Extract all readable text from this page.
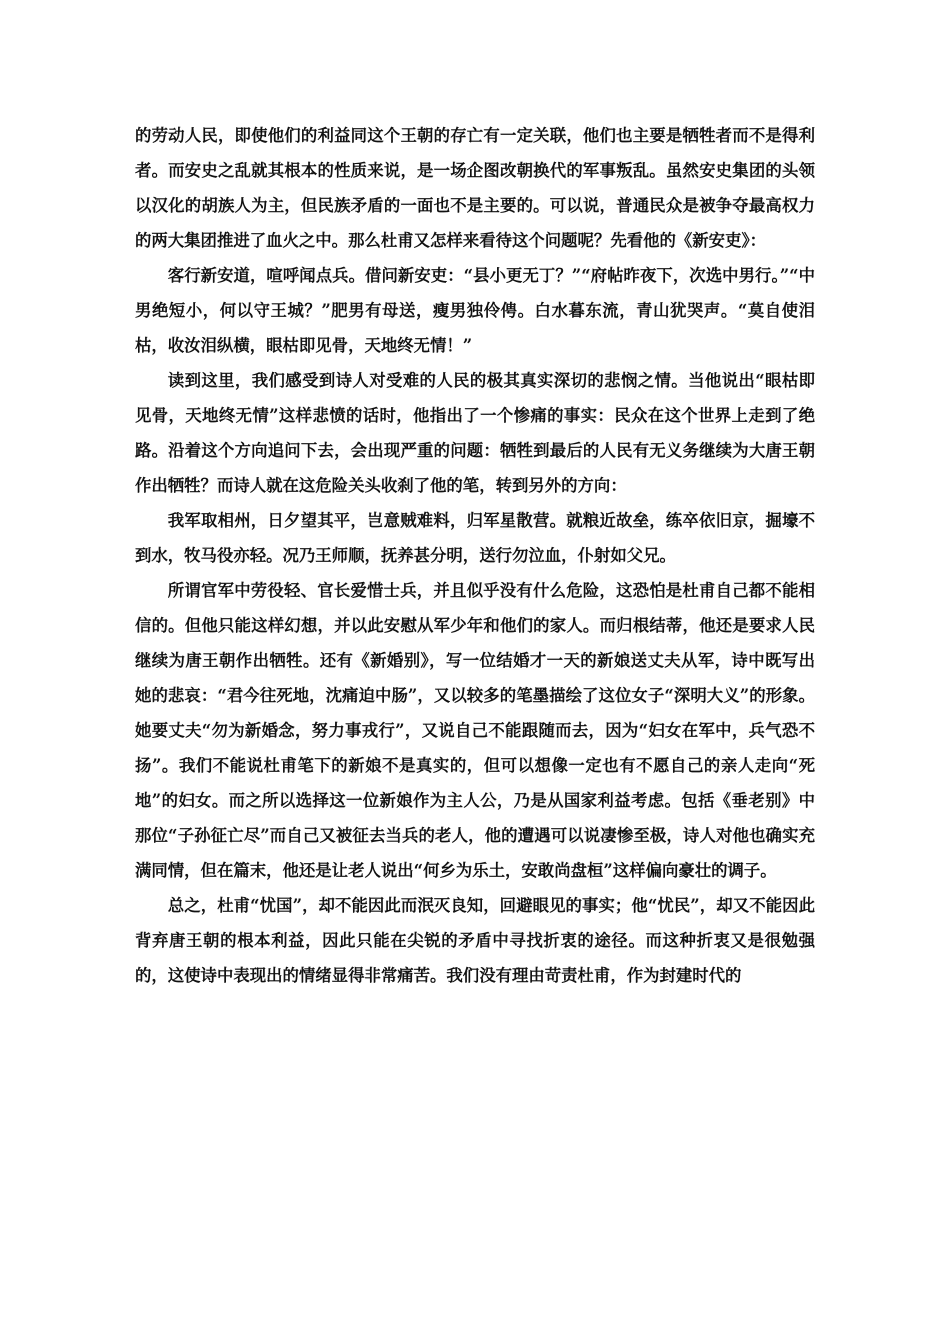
的劳动人民，即使他们的利益同这个王朝的存亡有一定关联，他们也主要是牺牲者而不是得利者。而安史之乱就其根本的性质来说，是一场企图改朝换代的军事叛乱。虽然安史集团的头领以汉化的胡族人为主，但民族矛盾的一面也不是主要的。可以说，普通民众是被争夺最高权力的两大集团推进了血火之中。那么杜甫又怎样来看待这个问题呢？先看他的《新安吏》：

客行新安道，喧呼闻点兵。借问新安吏：“县小更无丁？”“府帖昨夜下，次选中男行。”“中男绝短小，何以守王城？”肥男有母送，瘦男独伶俜。白水暮东流，青山犹哭声。“莫自使泪枯，收汝泪纵横，眼枯即见骨，天地终无情！”

读到这里，我们感受到诗人对受难的人民的极其真实深切的悲悯之情。当他说出“眼枯即见骨，天地终无情”这样悲愤的话时，他指出了一个惨痛的事实：民众在这个世界上走到了绝路。沿着这个方向追问下去，会出现严重的问题：牺牲到最后的人民有无义务继续为大唐王朝作出牺牲？而诗人就在这危险关头收刹了他的笔，转到另外的方向：

我军取相州，日夕望其平，岂意贼难料，归军星散营。就粮近故垒，练卒依旧京，掘壕不到水，牧马役亦轻。况乃王师顺，抚养甚分明，送行勿泣血，仆射如父兄。

所谓官军中劳役轻、官长爱惜士兵，并且似乎没有什么危险，这恐怕是杜甫自己都不能相信的。但他只能这样幻想，并以此安慰从军少年和他们的家人。而归根结蒂，他还是要求人民继续为唐王朝作出牺牲。还有《新婚别》，写一位结婚才一天的新娘送丈夫从军，诗中既写出她的悲哀：“君今往死地，沈痛迫中肠”，又以较多的笔墨描绘了这位女子“深明大义”的形象。她要丈夫“勿为新婚念，努力事戎行”，又说自己不能跟随而去，因为“妇女在军中，兵气恐不扬”。我们不能说杜甫笔下的新娘不是真实的，但可以想像一定也有不愿自己的亲人走向“死地”的妇女。而之所以选择这一位新娘作为主人公，乃是从国家利益考虑。包括《垂老别》中那位“子孙征亡尽”而自己又被征去当兵的老人，他的遭遇可以说凄惨至极，诗人对他也确实充满同情，但在篇末，他还是让老人说出“何乡为乐土，安敢尚盘桓”这样偏向豪壮的调子。

总之，杜甫“忧国”，却不能因此而泯灭良知，回避眼见的事实；他“忧民”，却又不能因此背弃唐王朝的根本利益，因此只能在尖锐的矛盾中寻找折衷的途径。而这种折衷又是很勉强的，这使诗中表现出的情绪显得非常痛苦。我们没有理由苛责杜甫，作为封建时代的
